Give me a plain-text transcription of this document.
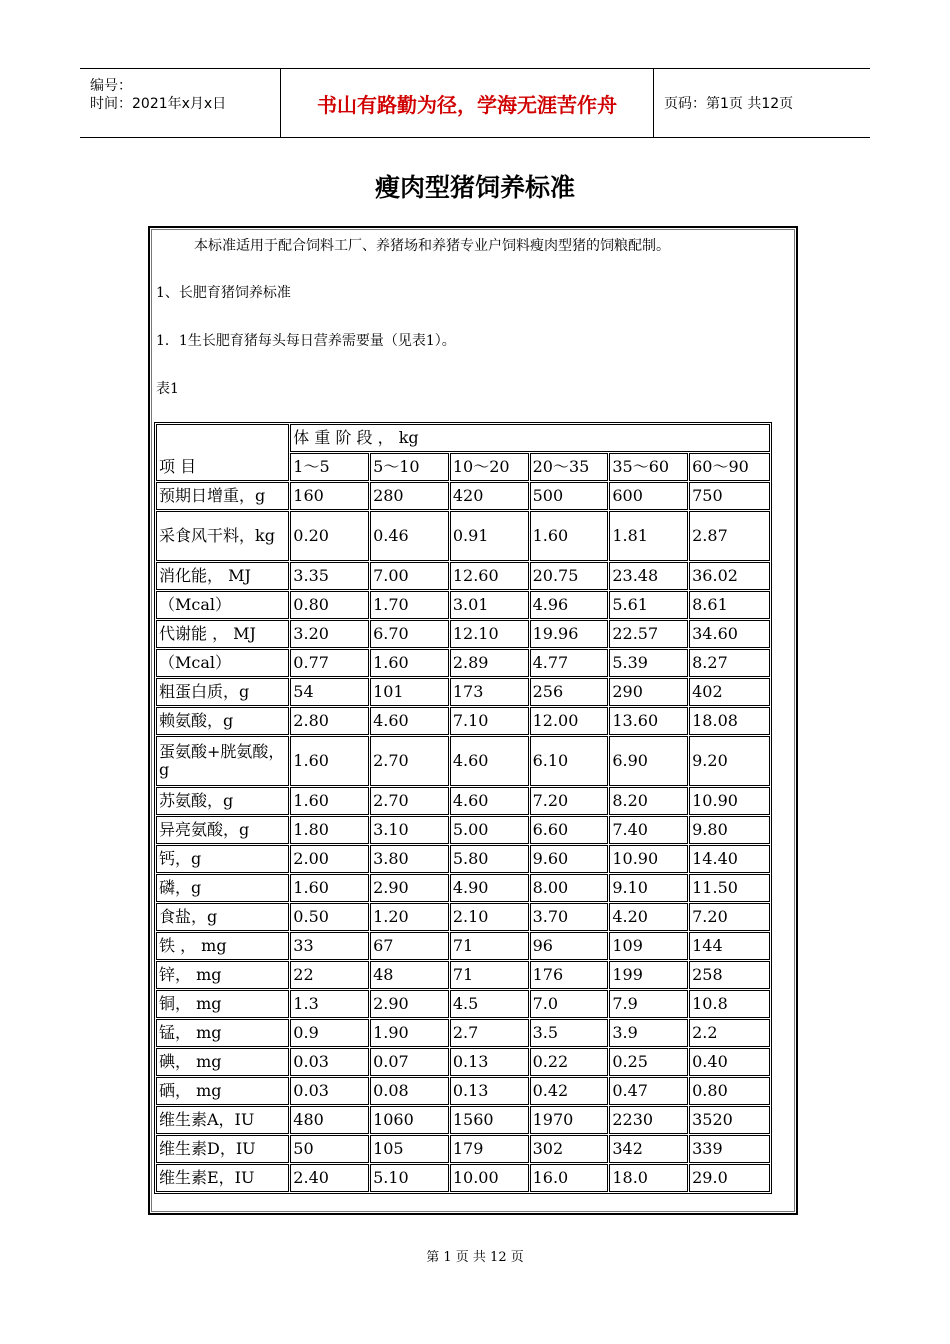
编号：
时间：2021年x月x日	书山有路勤为径，学海无涯苦作舟	页码：第1页 共12页
瘦肉型猪饲养标准
本标准适用于配合饲料工厂、养猪场和养猪专业户饲料瘦肉型猪的饲粮配制。
1、长肥育猪饲养标准
1．1生长肥育猪每头每日营养需要量（见表1）。
表1
项 目	体 重 阶 段 ， kg					
	1～5	5～10	10～20	20～35	35～60	60～90
预期日增重，g	160	280	420	500	600	750
采食风干料，kg	0.20	0.46	0.91	1.60	1.81	2.87
消化能， MJ	3.35	7.00	12.60	20.75	23.48	36.02
（Mcal）	0.80	1.70	3.01	4.96	5.61	8.61
代谢能 ， MJ	3.20	6.70	12.10	19.96	22.57	34.60
（Mcal）	0.77	1.60	2.89	4.77	5.39	8.27
粗蛋白质，g	54	101	173	256	290	402
赖氨酸，g	2.80	4.60	7.10	12.00	13.60	18.08
蛋氨酸+胱氨酸，g	1.60	2.70	4.60	6.10	6.90	9.20
苏氨酸，g	1.60	2.70	4.60	7.20	8.20	10.90
异亮氨酸，g	1.80	3.10	5.00	6.60	7.40	9.80
钙，g	2.00	3.80	5.80	9.60	10.90	14.40
磷，g	1.60	2.90	4.90	8.00	9.10	11.50
食盐，g	0.50	1.20	2.10	3.70	4.20	7.20
铁 ， mg	33	67	71	96	109	144
锌， mg	22	48	71	176	199	258
铜， mg	1.3	2.90	4.5	7.0	7.9	10.8
锰， mg	0.9	1.90	2.7	3.5	3.9	2.2
碘， mg	0.03	0.07	0.13	0.22	0.25	0.40
硒， mg	0.03	0.08	0.13	0.42	0.47	0.80
维生素A，IU	480	1060	1560	1970	2230	3520
维生素D，IU	50	105	179	302	342	339
维生素E，IU	2.40	5.10	10.00	16.0	18.0	29.0
第 1 页 共 12 页
